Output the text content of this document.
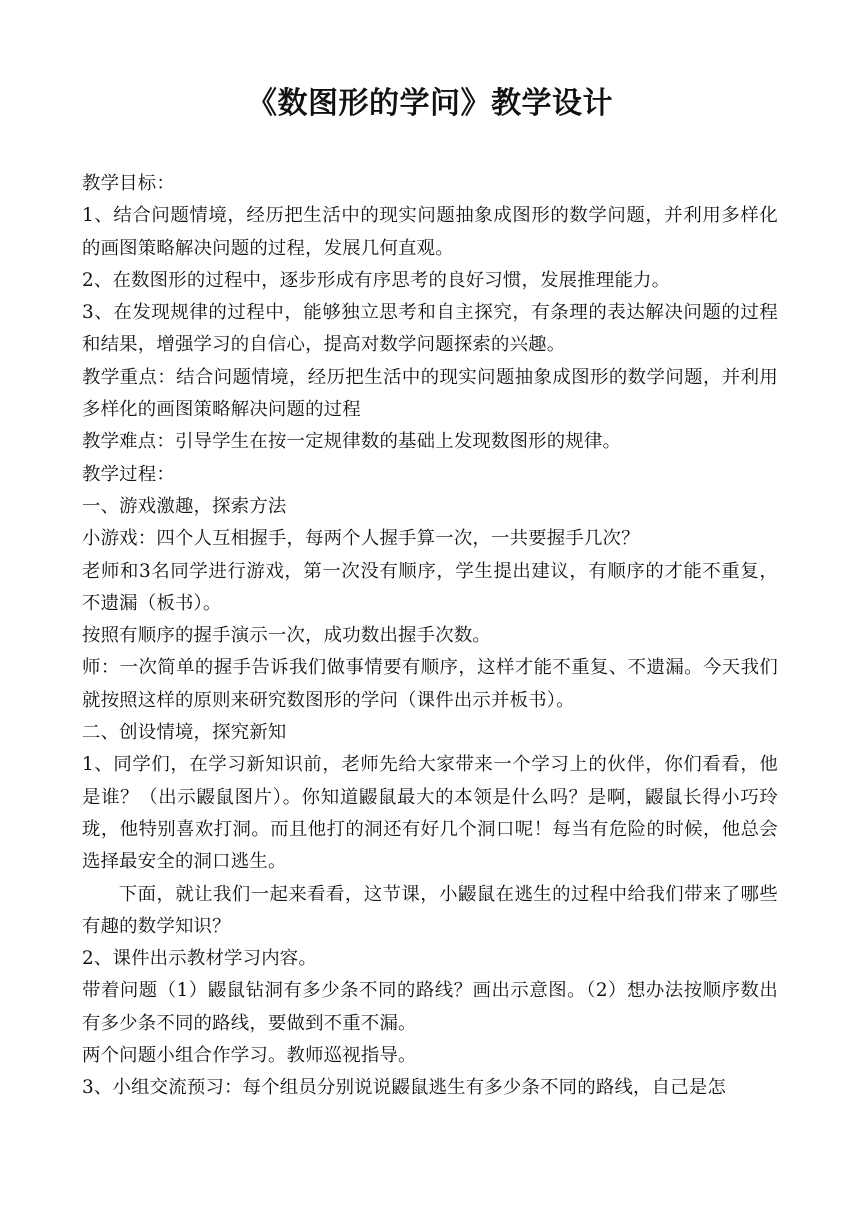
《数图形的学问》教学设计

教学目标：

1、结合问题情境，经历把生活中的现实问题抽象成图形的数学问题，并利用多样化的画图策略解决问题的过程，发展几何直观。

2、在数图形的过程中，逐步形成有序思考的良好习惯，发展推理能力。

3、在发现规律的过程中，能够独立思考和自主探究，有条理的表达解决问题的过程和结果，增强学习的自信心，提高对数学问题探索的兴趣。

教学重点：结合问题情境，经历把生活中的现实问题抽象成图形的数学问题，并利用多样化的画图策略解决问题的过程

教学难点：引导学生在按一定规律数的基础上发现数图形的规律。

教学过程：

一、游戏激趣，探索方法

小游戏：四个人互相握手，每两个人握手算一次，一共要握手几次？

老师和3名同学进行游戏，第一次没有顺序，学生提出建议，有顺序的才能不重复，不遗漏（板书）。

按照有顺序的握手演示一次，成功数出握手次数。

师：一次简单的握手告诉我们做事情要有顺序，这样才能不重复、不遗漏。今天我们就按照这样的原则来研究数图形的学问（课件出示并板书）。

二、创设情境，探究新知

1、同学们，在学习新知识前，老师先给大家带来一个学习上的伙伴，你们看看，他是谁？（出示鼹鼠图片）。你知道鼹鼠最大的本领是什么吗？是啊，鼹鼠长得小巧玲珑，他特别喜欢打洞。而且他打的洞还有好几个洞口呢！每当有危险的时候，他总会选择最安全的洞口逃生。

下面，就让我们一起来看看，这节课，小鼹鼠在逃生的过程中给我们带来了哪些有趣的数学知识？

2、课件出示教材学习内容。

带着问题（1）鼹鼠钻洞有多少条不同的路线？画出示意图。（2）想办法按顺序数出有多少条不同的路线，要做到不重不漏。

两个问题小组合作学习。教师巡视指导。

3、小组交流预习：每个组员分别说说鼹鼠逃生有多少条不同的路线，自己是怎
